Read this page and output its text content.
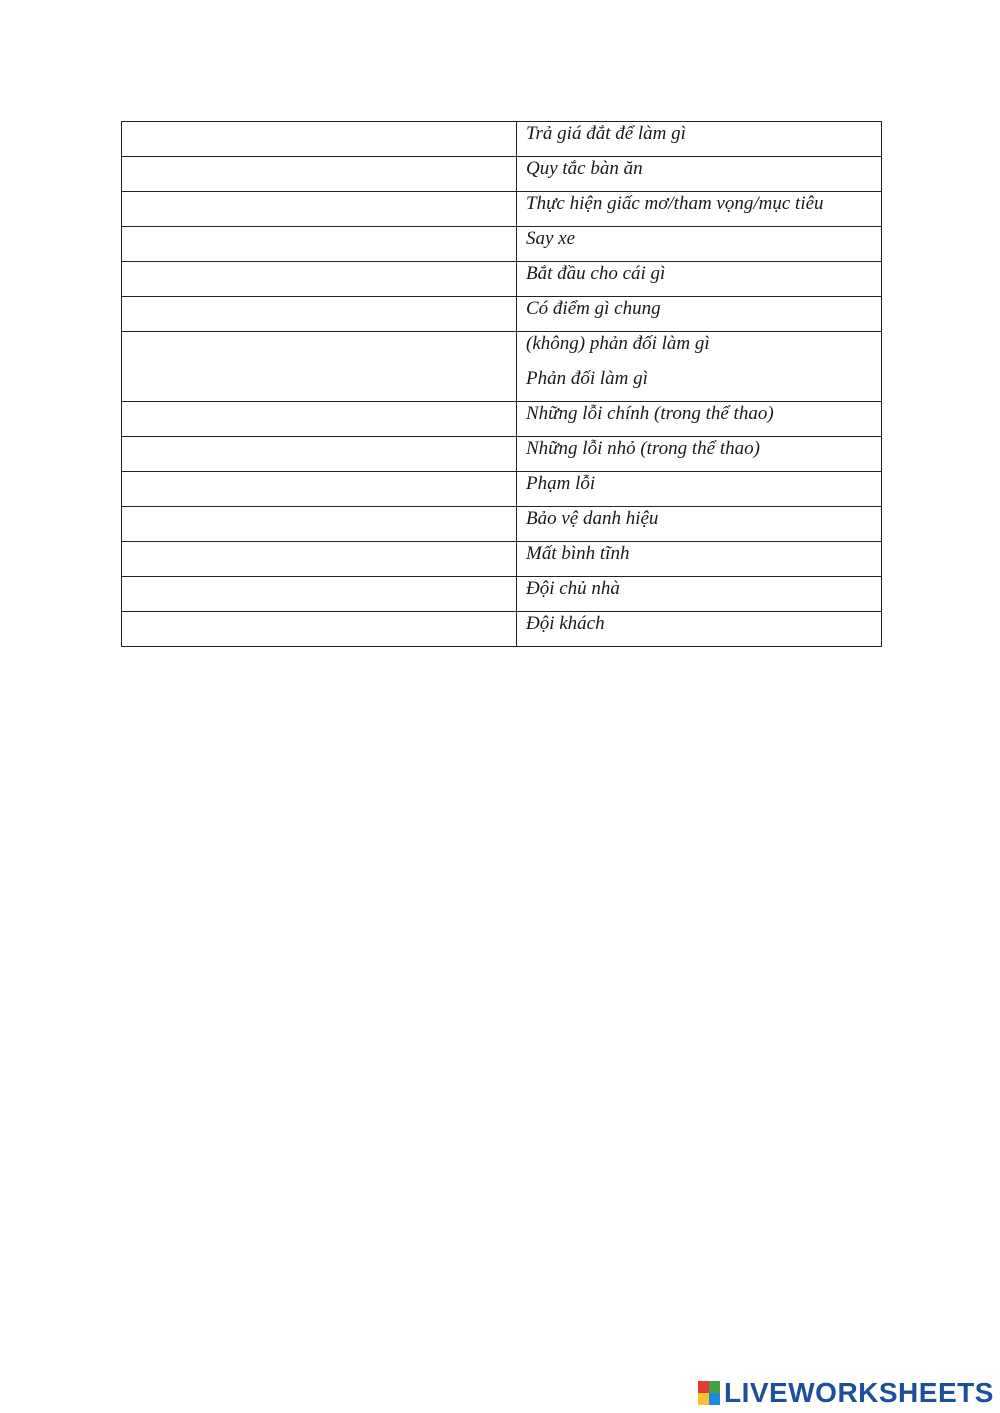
	Trả giá đắt để làm gì

	Quy tắc bàn ăn

	Thực hiện giấc mơ/tham vọng/mục tiêu

	Say xe

	Bắt đầu cho cái gì

	Có điểm gì chung

	(không) phản đối làm gì
Phản đối làm gì

	Những lỗi chính (trong thể thao)

	Những lỗi nhỏ (trong thể thao)

	Phạm lỗi

	Bảo vệ danh hiệu

	Mất bình tĩnh

	Đội chủ nhà

	Đội khách
LIVEWORKSHEETS
